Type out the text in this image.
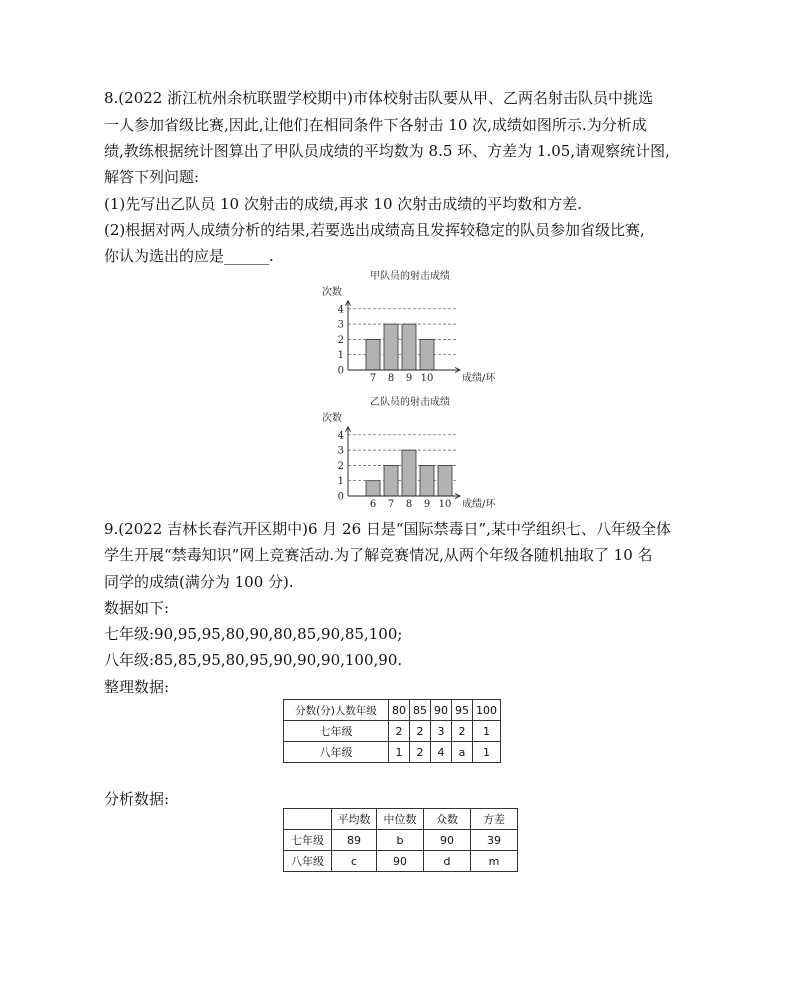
8.(2022 浙江杭州余杭联盟学校期中)市体校射击队要从甲、乙两名射击队员中挑选
一人参加省级比赛,因此,让他们在相同条件下各射击 10 次,成绩如图所示.为分析成
绩,教练根据统计图算出了甲队员成绩的平均数为 8.5 环、方差为 1.05,请观察统计图,
解答下列问题:
(1)先写出乙队员 10 次射击的成绩,再求 10 次射击成绩的平均数和方差.
(2)根据对两人成绩分析的结果,若要选出成绩高且发挥较稳定的队员参加省级比赛,
你认为选出的应是______.
甲队员的射击成绩
次数
7 8 9 10
0
1
2
3
4
成绩/环
乙队员的射击成绩
次数
6 7 8 9 10
0
1
2
3
4
成绩/环
9.(2022 吉林长春汽开区期中)6 月 26 日是“国际禁毒日”,某中学组织七、八年级全体
学生开展“禁毒知识”网上竞赛活动.为了解竞赛情况,从两个年级各随机抽取了 10 名
同学的成绩(满分为 100 分).
数据如下:
七年级:90,95,95,80,90,80,85,90,85,100;
八年级:85,85,95,80,95,90,90,90,100,90.
整理数据:
分数(分)人数年级	80	85	90	95	100
七年级	2	2	3	2	1
八年级	1	2	4	a	1
分析数据:
	平均数	中位数	众数	方差
七年级	89	b	90	39
八年级	c	90	d	m
